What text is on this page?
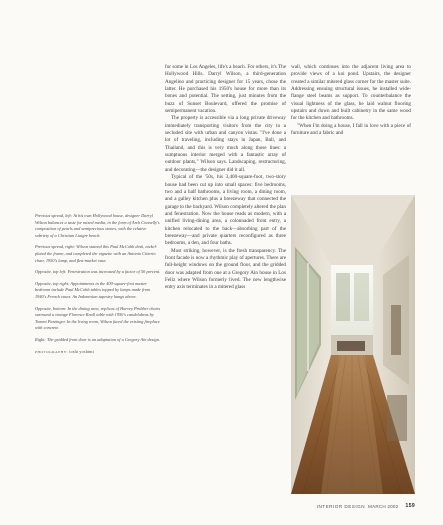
Previous spread, left: At his own Hollywood house, designer Darryl Wilson balances a taste for mixed media, in the form of Arch Connelly's composition of pearls and semiprecious stones, with the relative sobriety of a Christian Liaigre bench.

Previous spread, right: Wilson stained this Paul McCobb desk, nickel-plated the frame, and completed the vignette with an Antonio Citterio chair, 1950's lamp, and flea-market vase.

Opposite, top left: Fenestration was increased by a factor of 50 percent.

Opposite, top right: Appointments in the 400-square-foot master bedroom include Paul McCobb tables topped by lamps made from 1940's French vases. An Indonesian tapestry hangs above.

Opposite, bottom: In the dining area, replicas of Harvey Probber chairs surround a vintage Florence Knoll table with 1950's candelabras by Tommi Parzinger. In the living room, Wilson faced the existing fireplace with concrete.

Right: The gridded front door is an adaptation of a Gregory Ain design.

PHOTOGRAPHY: toshi yoshimi

for some in Los Angeles, life's a beach. For others, it's The Hollywood Hills. Darryl Wilson, a third-generation Angelino and practicing designer for 15 years, chose the latter. He purchased his 1950's house for more than its bones and potential. The setting, just minutes from the buzz of Sunset Boulevard, offered the promise of semipermanent vacation.

The property is accessible via a long private driveway immediately transporting visitors from the city to a secluded site with urban and canyon vistas. "I've done a lot of traveling, including stays in Japan, Bali, and Thailand, and this is very much along those lines: a sumptuous interior merged with a fantastic array of outdoor plants," Wilson says. Landscaping, restructuring, and decorating—the designer did it all.

Typical of the '50s, his 3,400-square-foot, two-story house had been cut up into small spaces: five bedrooms, two and a half bathrooms, a living room, a dining room, and a galley kitchen plus a breezeway that connected the garage to the backyard. Wilson completely altered the plan and fenestration. Now the house reads as modern, with a unified living-dining area, a colonnaded front entry, a kitchen relocated to the back—absorbing part of the breezeway—and private quarters reconfigured as three bedrooms, a den, and four baths.

Most striking, however, is the fresh transparency. The front facade is now a rhythmic play of apertures. There are full-height windows on the ground floor, and the gridded door was adapted from one at a Gregory Ain house in Los Feliz where Wilson formerly lived. The new lengthwise entry axis terminates in a mitered glass

wall, which continues into the adjacent living area to provide views of a koi pond. Upstairs, the designer created a similar mitered glass corner for the master suite. Addressing ensuing structural issues, he installed wide-flange steel beams as support. To counterbalance the visual lightness of the glass, he laid walnut flooring upstairs and down and built cabinetry in the same wood for the kitchen and bathrooms.

"When I'm doing a house, I fall in love with a piece of furniture and a fabric and

INTERIOR DESIGN MARCH 2002 159
